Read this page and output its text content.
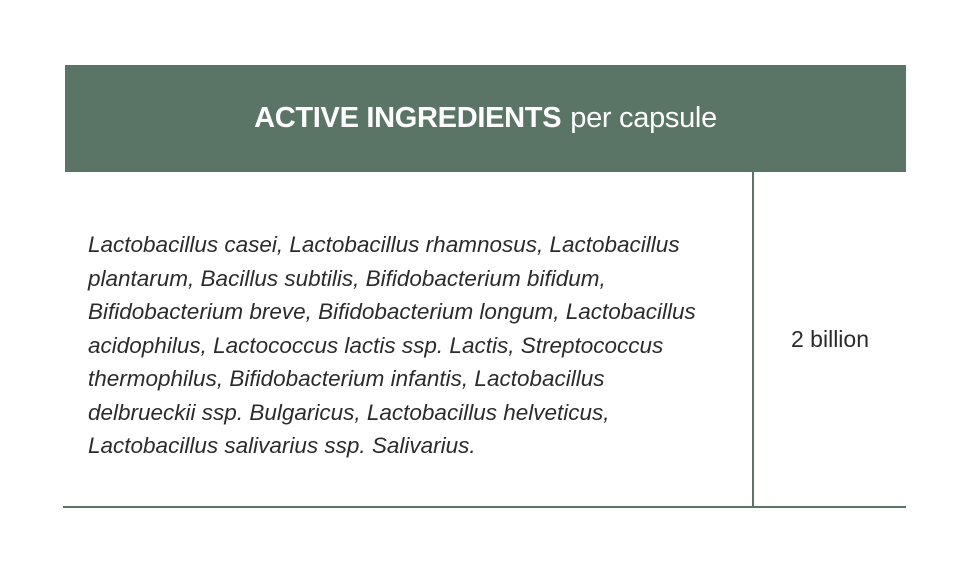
ACTIVE INGREDIENTS per capsule
Lactobacillus casei, Lactobacillus rhamnosus, Lactobacillus
plantarum, Bacillus subtilis, Bifidobacterium bifidum,
Bifidobacterium breve, Bifidobacterium longum, Lactobacillus
acidophilus, Lactococcus lactis ssp. Lactis, Streptococcus
thermophilus, Bifidobacterium infantis, Lactobacillus
delbrueckii ssp. Bulgaricus, Lactobacillus helveticus,
Lactobacillus salivarius ssp. Salivarius.
2 billion
